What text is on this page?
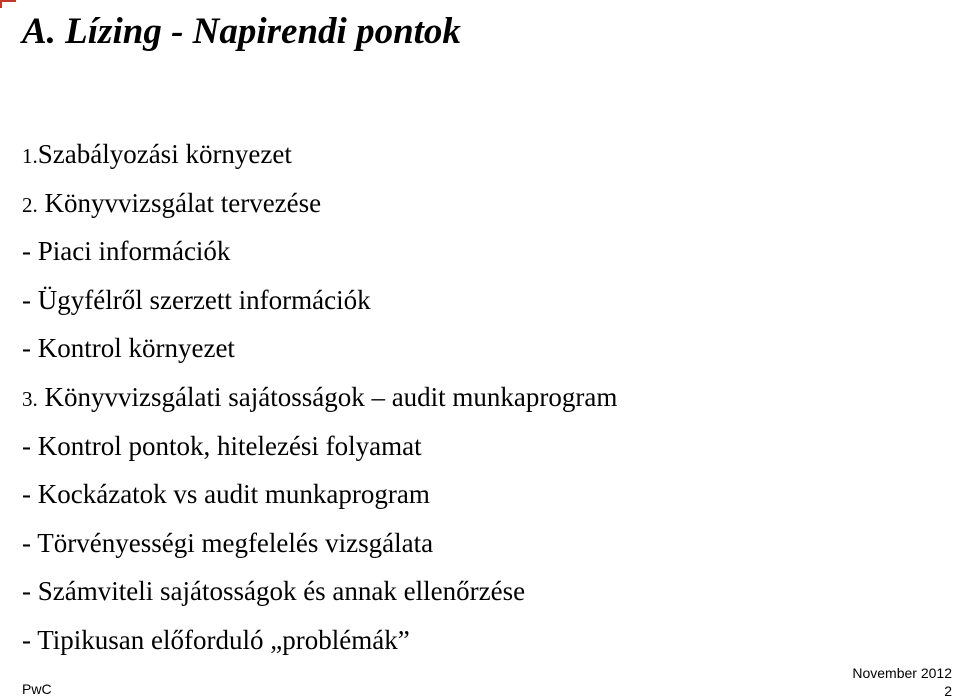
A. Lízing - Napirendi pontok
1.Szabályozási környezet
2. Könyvvizsgálat tervezése
- Piaci információk
- Ügyfélről szerzett információk
- Kontrol környezet
3. Könyvvizsgálati sajátosságok – audit munkaprogram
- Kontrol pontok, hitelezési folyamat
- Kockázatok vs audit munkaprogram
- Törvényességi megfelelés vizsgálata
- Számviteli sajátosságok és annak ellenőrzése
- Tipikusan előforduló „problémák”
PwC
November 2012
2
